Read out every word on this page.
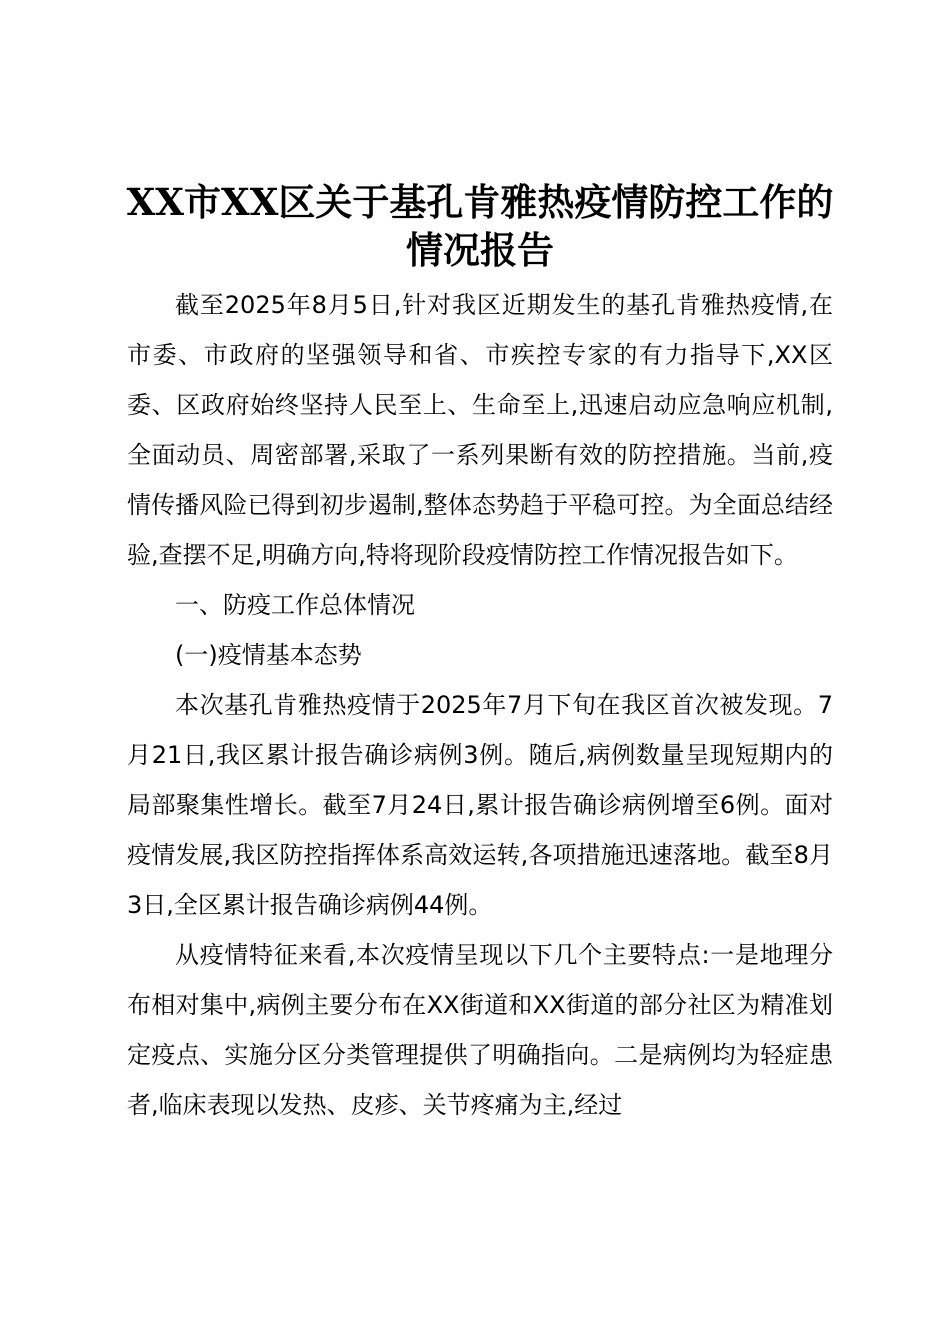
XX市XX区关于基孔肯雅热疫情防控工作的情况报告

截至2025年8月5日,针对我区近期发生的基孔肯雅热疫情,在市委、市政府的坚强领导和省、市疾控专家的有力指导下,XX区委、区政府始终坚持人民至上、生命至上,迅速启动应急响应机制,全面动员、周密部署,采取了一系列果断有效的防控措施。当前,疫情传播风险已得到初步遏制,整体态势趋于平稳可控。为全面总结经验,查摆不足,明确方向,特将现阶段疫情防控工作情况报告如下。

一、防疫工作总体情况

(一)疫情基本态势

本次基孔肯雅热疫情于2025年7月下旬在我区首次被发现。7月21日,我区累计报告确诊病例3例。随后,病例数量呈现短期内的局部聚集性增长。截至7月24日,累计报告确诊病例增至6例。面对疫情发展,我区防控指挥体系高效运转,各项措施迅速落地。截至8月3日,全区累计报告确诊病例44例。

从疫情特征来看,本次疫情呈现以下几个主要特点:一是地理分布相对集中,病例主要分布在XX街道和XX街道的部分社区为精准划定疫点、实施分区分类管理提供了明确指向。二是病例均为轻症患者,临床表现以发热、皮疹、关节疼痛为主,经过
